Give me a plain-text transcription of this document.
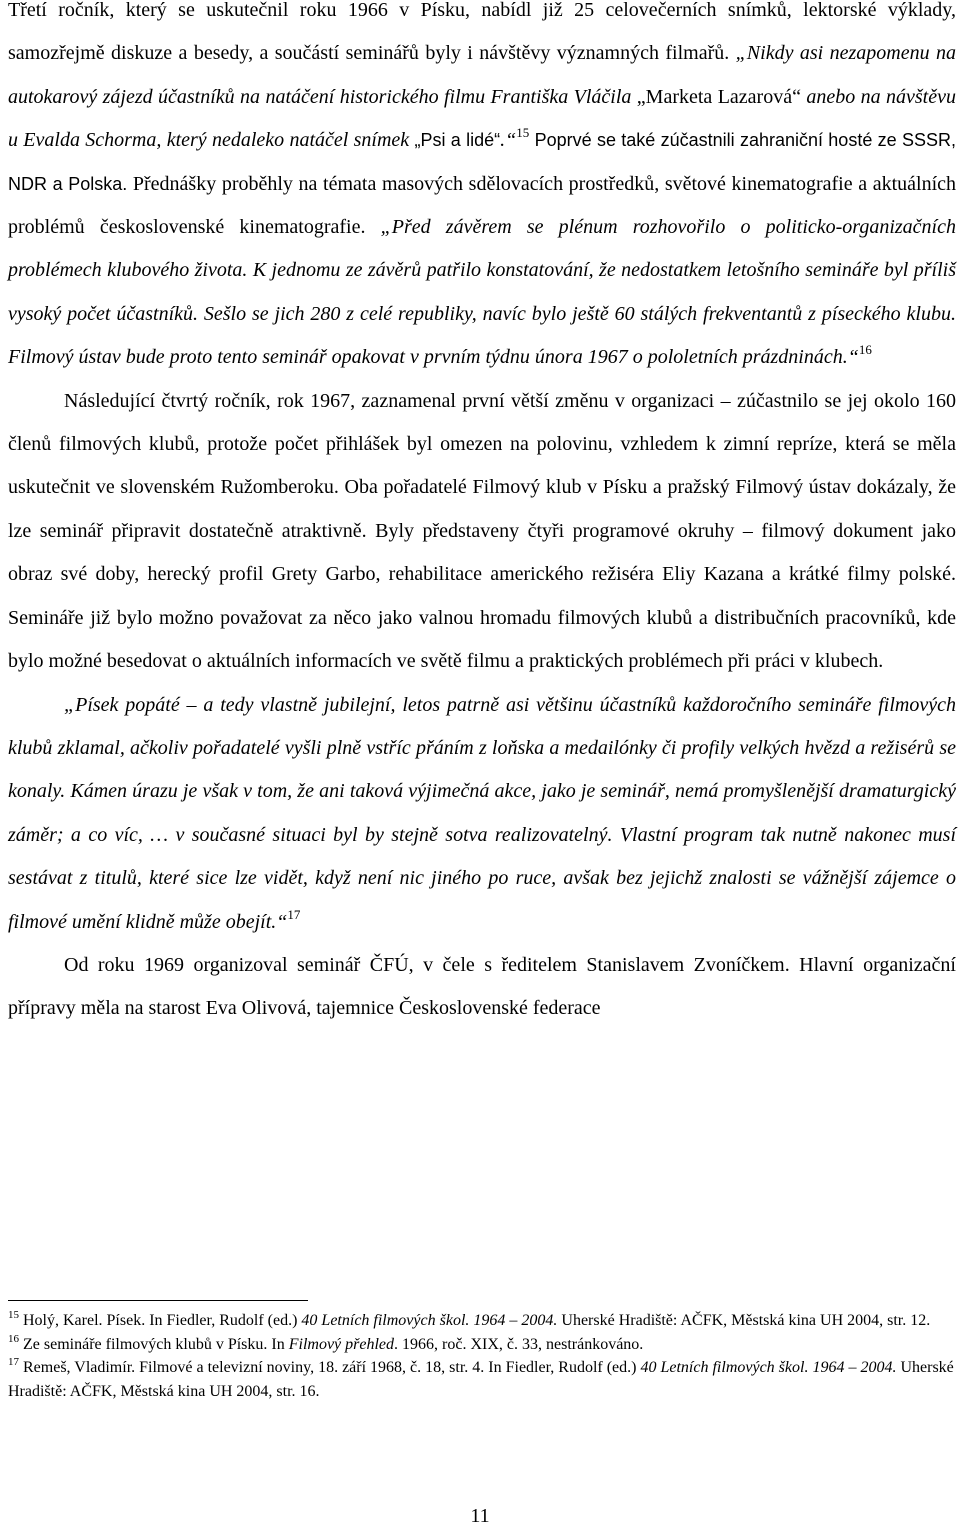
Třetí ročník, který se uskutečnil roku 1966 v Písku, nabídl již 25 celovečerních snímků, lektorské výklady, samozřejmě diskuze a besedy, a součástí seminářů byly i návštěvy významných filmařů. „Nikdy asi nezapomenu na autokarový zájezd účastníků na natáčení historického filmu Františka Vláčila „Marketa Lazarová“ anebo na návštěvu u Evalda Schorma, který nedaleko natáčel snímek „Psi a lidé“.“$^{15}$ Poprvé se také zúčastnili zahraniční hosté ze SSSR, NDR a Polska. Přednášky proběhly na témata masových sdělovacích prostředků, světové kinematografie a aktuálních problémů československé kinematografie. „Před závěrem se plénum rozhovořilo o politicko-organizačních problémech klubového života. K jednomu ze závěrů patřilo konstatování, že nedostatkem letošního semináře byl příliš vysoký počet účastníků. Sešlo se jich 280 z celé republiky, navíc bylo ještě 60 stálých frekventantů z píseckého klubu. Filmový ústav bude proto tento seminář opakovat v prvním týdnu února 1967 o pololetních prázdninách.“$^{16}$

Následující čtvrtý ročník, rok 1967, zaznamenal první větší změnu v organizaci – zúčastnilo se jej okolo 160 členů filmových klubů, protože počet přihlášek byl omezen na polovinu, vzhledem k zimní repríze, která se měla uskutečnit ve slovenském Ružomberoku. Oba pořadatelé Filmový klub v Písku a pražský Filmový ústav dokázaly, že lze seminář připravit dostatečně atraktivně. Byly představeny čtyři programové okruhy – filmový dokument jako obraz své doby, herecký profil Grety Garbo, rehabilitace amerického režiséra Eliy Kazana a krátké filmy polské. Semináře již bylo možno považovat za něco jako valnou hromadu filmových klubů a distribučních pracovníků, kde bylo možné besedovat o aktuálních informacích ve světě filmu a praktických problémech při práci v klubech.

„Písek popáté – a tedy vlastně jubilejní, letos patrně asi většinu účastníků každoročního semináře filmových klubů zklamal, ačkoliv pořadatelé vyšli plně vstříc přáním z loňska a medailónky či profily velkých hvězd a režisérů se konaly. Kámen úrazu je však v tom, že ani taková výjimečná akce, jako je seminář, nemá promyšlenější dramaturgický záměr; a co víc, … v současné situaci byl by stejně sotva realizovatelný. Vlastní program tak nutně nakonec musí sestávat z titulů, které sice lze vidět, když není nic jiného po ruce, avšak bez jejichž znalosti se vážnější zájemce o filmové umění klidně může obejít.“$^{17}$

Od roku 1969 organizoval seminář ČFÚ, v čele s ředitelem Stanislavem Zvoníčkem. Hlavní organizační přípravy měla na starost Eva Olivová, tajemnice Československé federace

$^{15}$ Holý, Karel. Písek. In Fiedler, Rudolf (ed.) 40 Letních filmových škol. 1964 – 2004. Uherské Hradiště: AČFK, Městská kina UH 2004, str. 12.

$^{16}$ Ze semináře filmových klubů v Písku. In Filmový přehled. 1966, roč. XIX, č. 33, nestránkováno.

$^{17}$ Remeš, Vladimír. Filmové a televizní noviny, 18. září 1968, č. 18, str. 4. In Fiedler, Rudolf (ed.) 40 Letních filmových škol. 1964 – 2004. Uherské Hradiště: AČFK, Městská kina UH 2004, str. 16.

11
